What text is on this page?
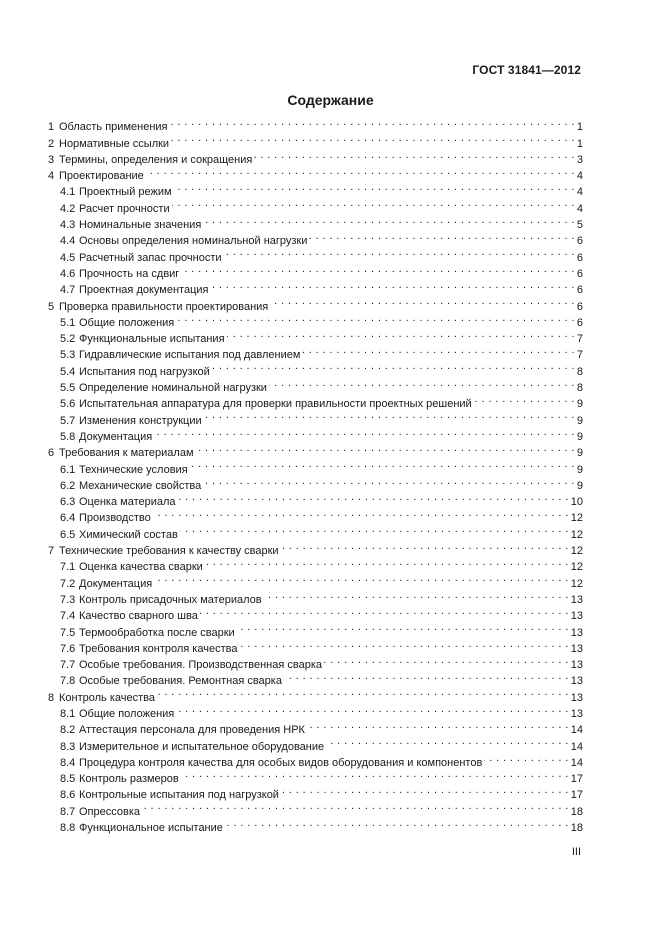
ГОСТ 31841—2012
Содержание
1 Область применения . . .	1
2 Нормативные ссылки . . .	1
3 Термины, определения и сокращения . . .	3
4 Проектирование . . .	4
4.1 Проектный режим . . .	4
4.2 Расчет прочности . . .	4
4.3 Номинальные значения . . .	5
4.4 Основы определения номинальной нагрузки . . .	6
4.5 Расчетный запас прочности . . .	6
4.6 Прочность на сдвиг . . .	6
4.7 Проектная документация . . .	6
5 Проверка правильности проектирования . . .	6
5.1 Общие положения . . .	6
5.2 Функциональные испытания . . .	7
5.3 Гидравлические испытания под давлением . . .	7
5.4 Испытания под нагрузкой . . .	8
5.5 Определение номинальной нагрузки . . .	8
5.6 Испытательная аппаратура для проверки правильности проектных решений . . .	9
5.7 Изменения конструкции . . .	9
5.8 Документация . . .	9
6 Требования к материалам . . .	9
6.1 Технические условия . . .	9
6.2 Механические свойства . . .	9
6.3 Оценка материала . . .	10
6.4 Производство . . .	12
6.5 Химический состав . . .	12
7 Технические требования к качеству сварки . . .	12
7.1 Оценка качества сварки . . .	12
7.2 Документация . . .	12
7.3 Контроль присадочных материалов . . .	13
7.4 Качество сварного шва . . .	13
7.5 Термообработка после сварки . . .	13
7.6 Требования контроля качества . . .	13
7.7 Особые требования. Производственная сварка . . .	13
7.8 Особые требования. Ремонтная сварка . . .	13
8 Контроль качества . . .	13
8.1 Общие положения . . .	13
8.2 Аттестация персонала для проведения НРК . . .	14
8.3 Измерительное и испытательное оборудование . . .	14
8.4 Процедура контроля качества для особых видов оборудования и компонентов . . .	14
8.5 Контроль размеров . . .	17
8.6 Контрольные испытания под нагрузкой . . .	17
8.7 Опрессовка . . .	18
8.8 Функциональное испытание . . .	18
III
